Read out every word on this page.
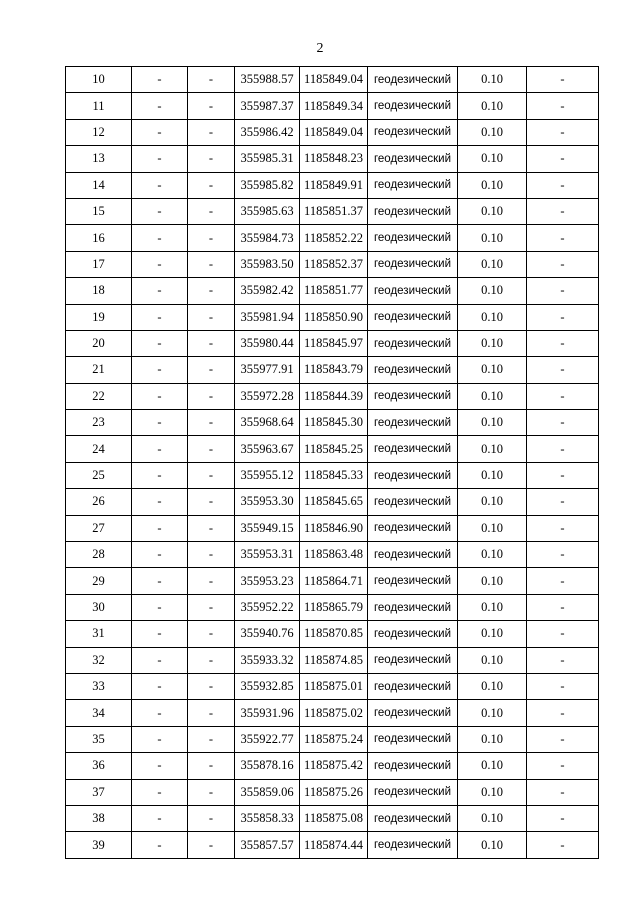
2
10	-	-	355988.57	1185849.04	геодезический	0.10	-
11	-	-	355987.37	1185849.34	геодезический	0.10	-
12	-	-	355986.42	1185849.04	геодезический	0.10	-
13	-	-	355985.31	1185848.23	геодезический	0.10	-
14	-	-	355985.82	1185849.91	геодезический	0.10	-
15	-	-	355985.63	1185851.37	геодезический	0.10	-
16	-	-	355984.73	1185852.22	геодезический	0.10	-
17	-	-	355983.50	1185852.37	геодезический	0.10	-
18	-	-	355982.42	1185851.77	геодезический	0.10	-
19	-	-	355981.94	1185850.90	геодезический	0.10	-
20	-	-	355980.44	1185845.97	геодезический	0.10	-
21	-	-	355977.91	1185843.79	геодезический	0.10	-
22	-	-	355972.28	1185844.39	геодезический	0.10	-
23	-	-	355968.64	1185845.30	геодезический	0.10	-
24	-	-	355963.67	1185845.25	геодезический	0.10	-
25	-	-	355955.12	1185845.33	геодезический	0.10	-
26	-	-	355953.30	1185845.65	геодезический	0.10	-
27	-	-	355949.15	1185846.90	геодезический	0.10	-
28	-	-	355953.31	1185863.48	геодезический	0.10	-
29	-	-	355953.23	1185864.71	геодезический	0.10	-
30	-	-	355952.22	1185865.79	геодезический	0.10	-
31	-	-	355940.76	1185870.85	геодезический	0.10	-
32	-	-	355933.32	1185874.85	геодезический	0.10	-
33	-	-	355932.85	1185875.01	геодезический	0.10	-
34	-	-	355931.96	1185875.02	геодезический	0.10	-
35	-	-	355922.77	1185875.24	геодезический	0.10	-
36	-	-	355878.16	1185875.42	геодезический	0.10	-
37	-	-	355859.06	1185875.26	геодезический	0.10	-
38	-	-	355858.33	1185875.08	геодезический	0.10	-
39	-	-	355857.57	1185874.44	геодезический	0.10	-
